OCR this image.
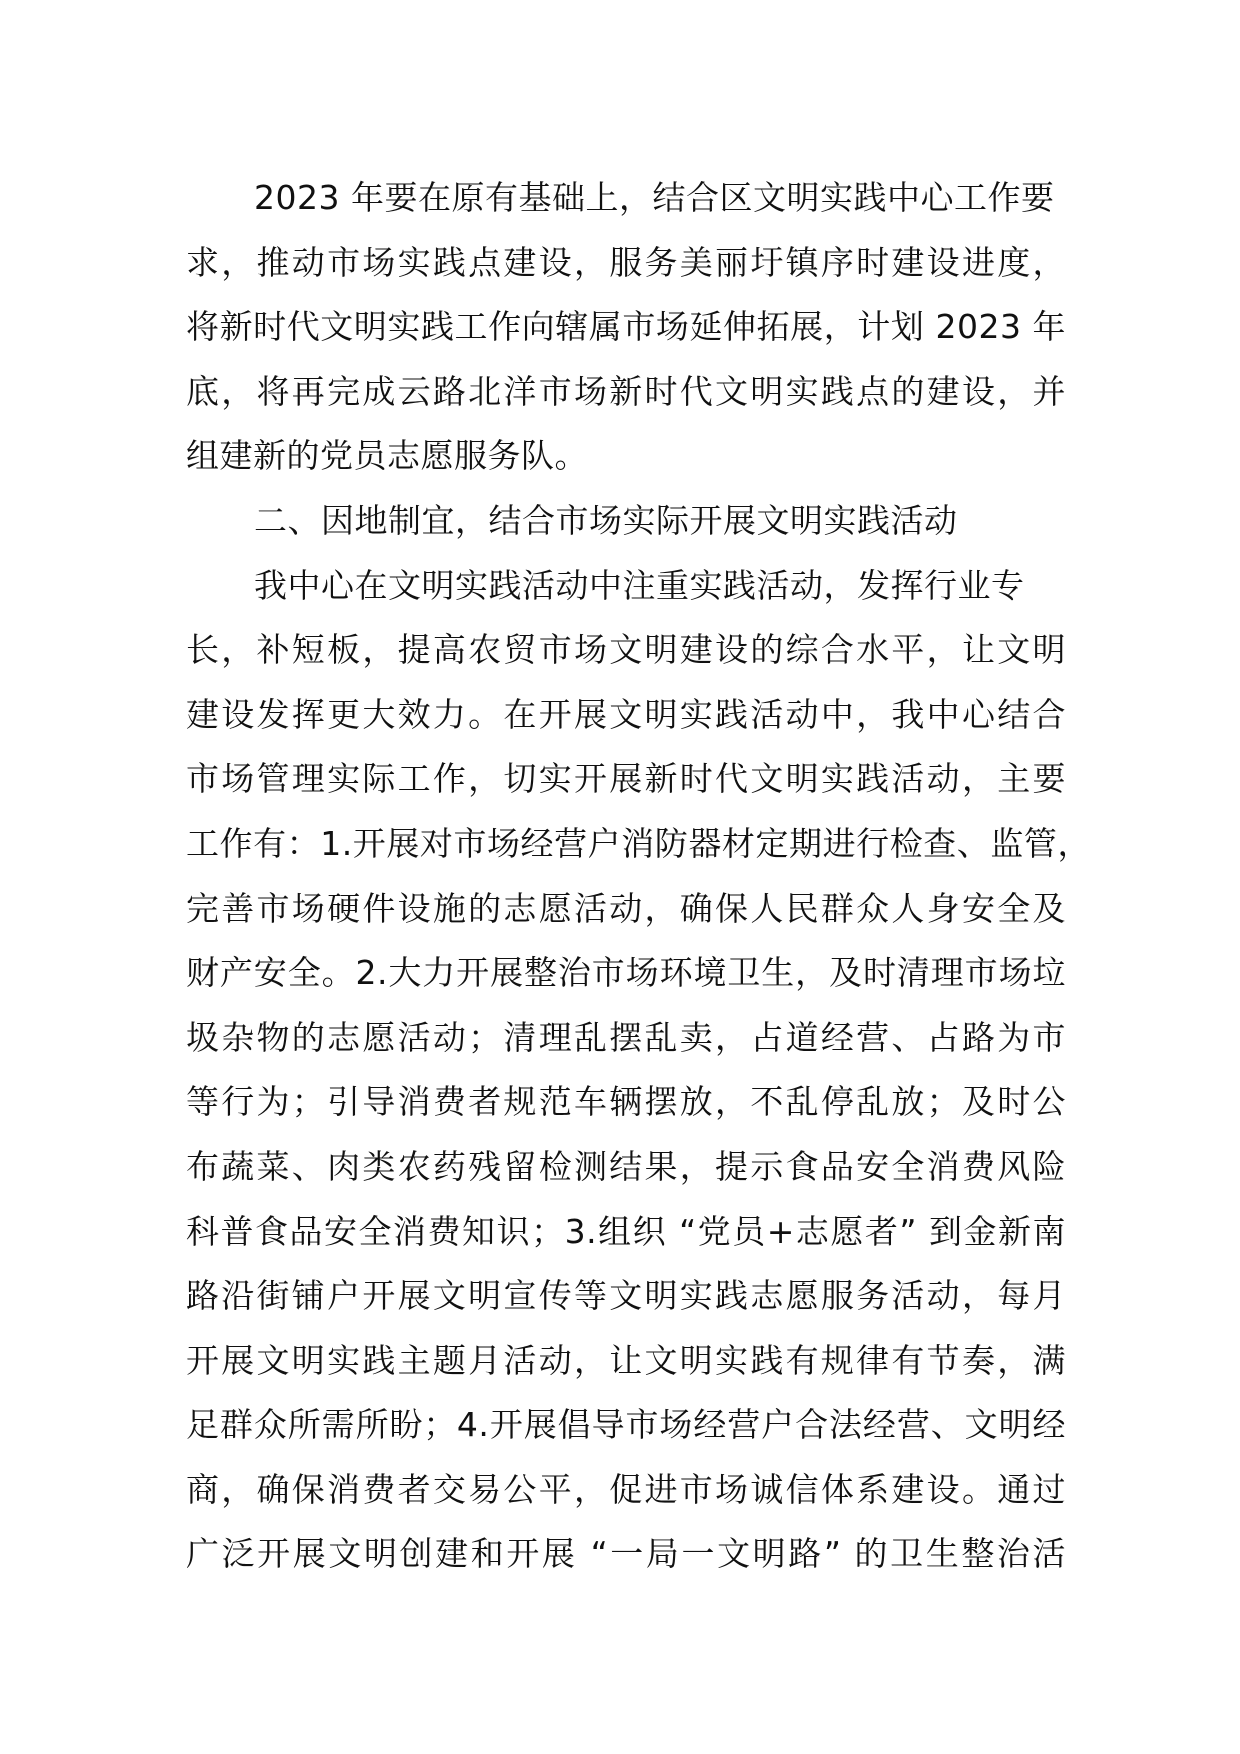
2023 年要在原有基础上，结合区文明实践中心工作要
求，推动市场实践点建设，服务美丽圩镇序时建设进度，
将新时代文明实践工作向辖属市场延伸拓展，计划 2023 年
底，将再完成云路北洋市场新时代文明实践点的建设，并
组建新的党员志愿服务队。
二、因地制宜，结合市场实际开展文明实践活动
我中心在文明实践活动中注重实践活动，发挥行业专
长，补短板，提高农贸市场文明建设的综合水平，让文明
建设发挥更大效力。在开展文明实践活动中，我中心结合
市场管理实际工作，切实开展新时代文明实践活动，主要
工作有：1.开展对市场经营户消防器材定期进行检查、监管，
完善市场硬件设施的志愿活动，确保人民群众人身安全及
财产安全。2.大力开展整治市场环境卫生，及时清理市场垃
圾杂物的志愿活动；清理乱摆乱卖，占道经营、占路为市
等行为；引导消费者规范车辆摆放，不乱停乱放；及时公
布蔬菜、肉类农药残留检测结果，提示食品安全消费风险
科普食品安全消费知识；3.组织 “党员+志愿者” 到金新南
路沿街铺户开展文明宣传等文明实践志愿服务活动，每月
开展文明实践主题月活动，让文明实践有规律有节奏，满
足群众所需所盼；4.开展倡导市场经营户合法经营、文明经
商，确保消费者交易公平，促进市场诚信体系建设。通过
广泛开展文明创建和开展 “一局一文明路” 的卫生整治活
